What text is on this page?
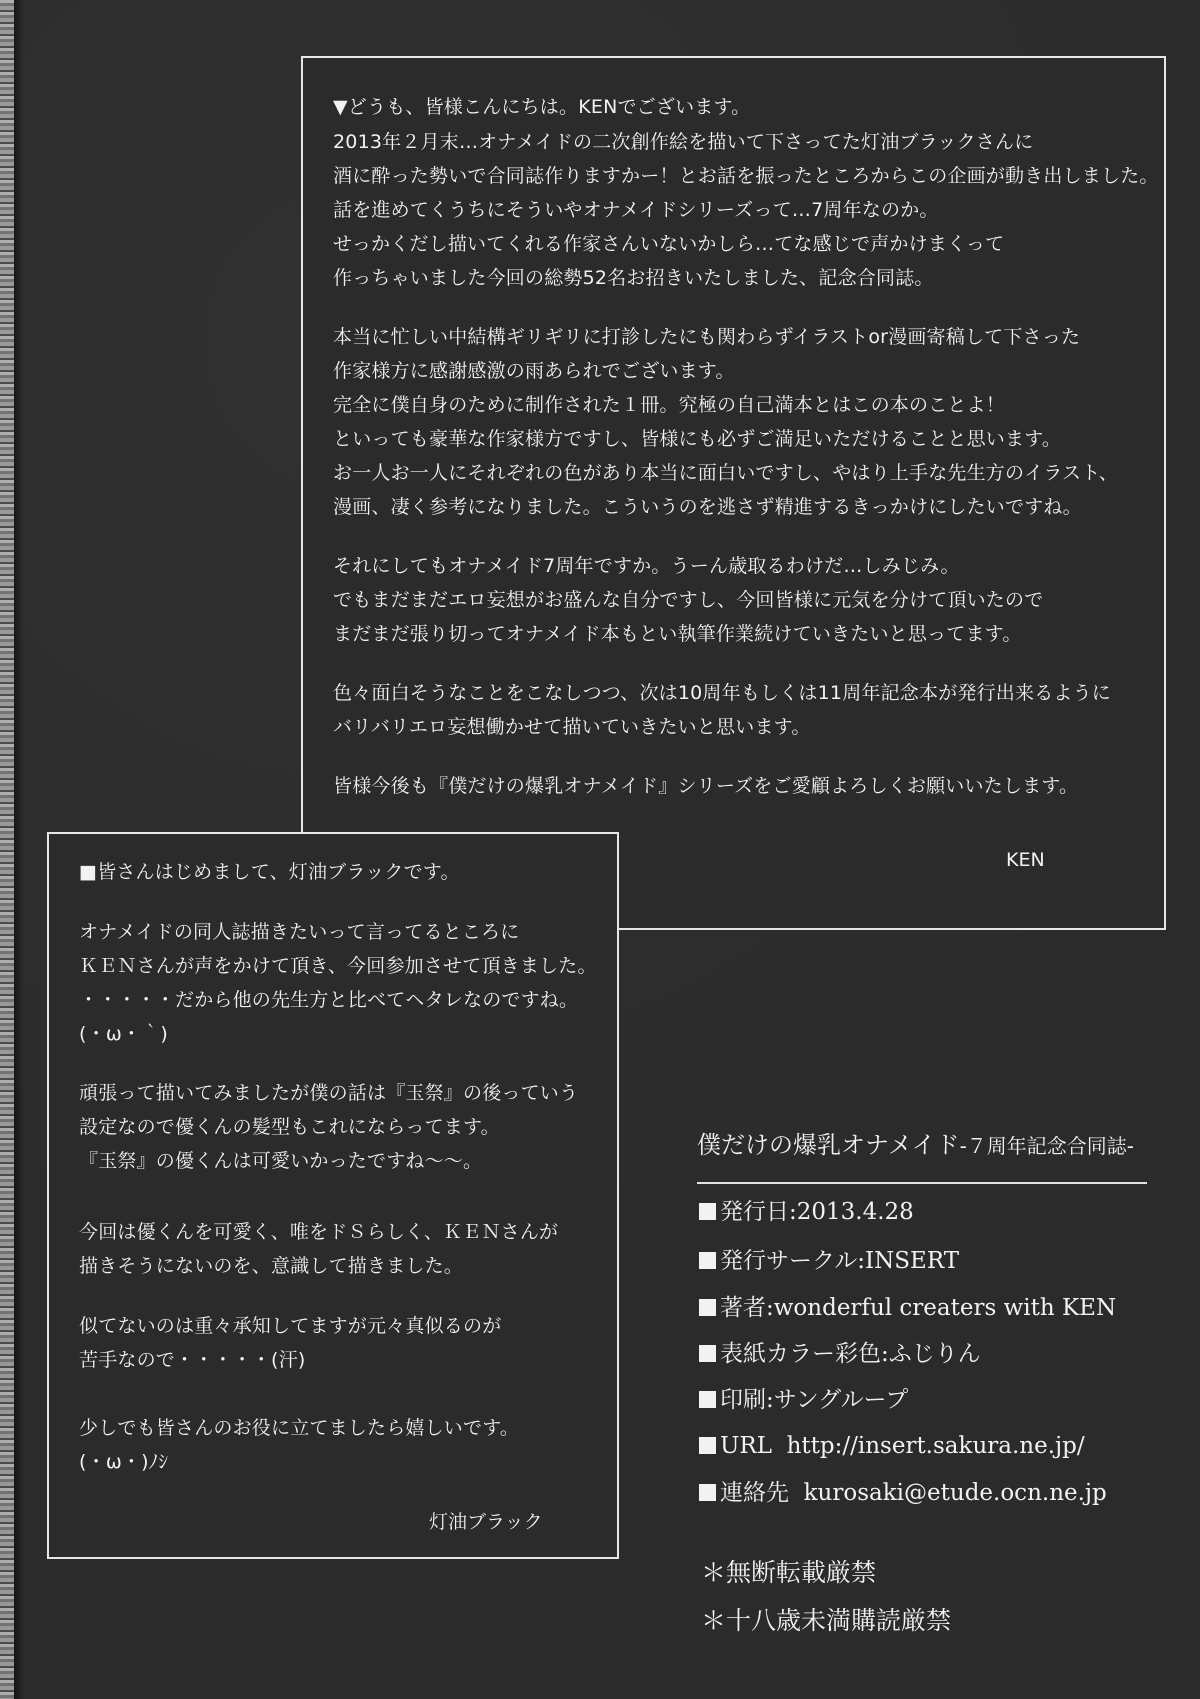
▼どうも、皆様こんにちは。KENでございます。
2013年２月末…オナメイドの二次創作絵を描いて下さってた灯油ブラックさんに
酒に酔った勢いで合同誌作りますかー！とお話を振ったところからこの企画が動き出しました。
話を進めてくうちにそういやオナメイドシリーズって…7周年なのか。
せっかくだし描いてくれる作家さんいないかしら…てな感じで声かけまくって
作っちゃいました今回の総勢52名お招きいたしました、記念合同誌。
本当に忙しい中結構ギリギリに打診したにも関わらずイラストor漫画寄稿して下さった
作家様方に感謝感激の雨あられでございます。
完全に僕自身のために制作された１冊。究極の自己満本とはこの本のことよ！
といっても豪華な作家様方ですし、皆様にも必ずご満足いただけることと思います。
お一人お一人にそれぞれの色があり本当に面白いですし、やはり上手な先生方のイラスト、
漫画、凄く参考になりました。こういうのを逃さず精進するきっかけにしたいですね。
それにしてもオナメイド7周年ですか。うーん歳取るわけだ…しみじみ。
でもまだまだエロ妄想がお盛んな自分ですし、今回皆様に元気を分けて頂いたので
まだまだ張り切ってオナメイド本もとい執筆作業続けていきたいと思ってます。
色々面白そうなことをこなしつつ、次は10周年もしくは11周年記念本が発行出来るように
バリバリエロ妄想働かせて描いていきたいと思います。
皆様今後も『僕だけの爆乳オナメイド』シリーズをご愛顧よろしくお願いいたします。
KEN
■皆さんはじめまして、灯油ブラックです。
オナメイドの同人誌描きたいって言ってるところに
ＫＥＮさんが声をかけて頂き、今回参加させて頂きました。
・・・・・だから他の先生方と比べてヘタレなのですね。
(・ω・｀)
頑張って描いてみましたが僕の話は『玉祭』の後っていう
設定なので優くんの髪型もこれにならってます。
『玉祭』の優くんは可愛いかったですね～～。
今回は優くんを可愛く、唯をドＳらしく、ＫＥＮさんが
描きそうにないのを、意識して描きました。
似てないのは重々承知してますが元々真似るのが
苦手なので・・・・・(汗)
少しでも皆さんのお役に立てましたら嬉しいです。
(・ω・)ﾉｼ
灯油ブラック
僕だけの爆乳オナメイド-７周年記念合同誌-
発行日:2013.4.28
発行サークル:INSERT
著者:wonderful creaters with KEN
表紙カラー彩色:ふじりん
印刷:サングループ
URL  http://insert.sakura.ne.jp/
連絡先  kurosaki@etude.ocn.ne.jp
＊無断転載厳禁
＊十八歳未満購読厳禁
